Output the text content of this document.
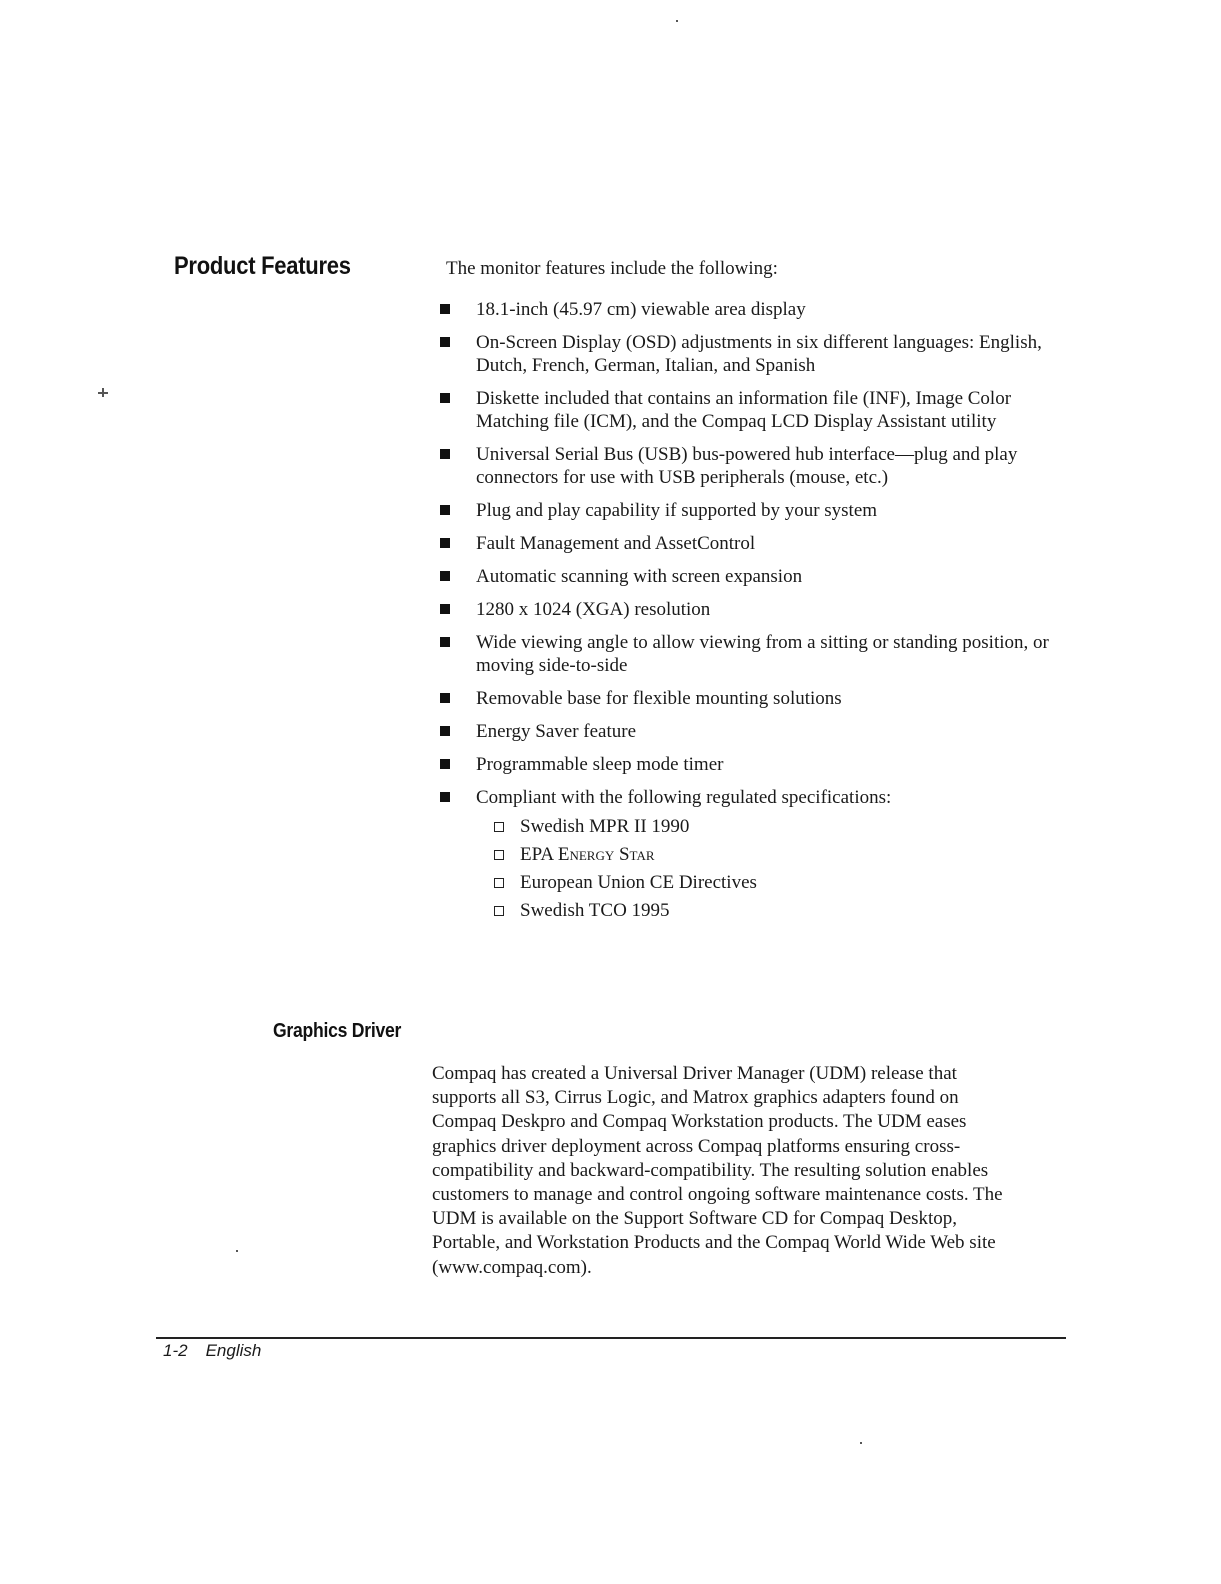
Product Features	The monitor features include the following:
18.1-inch (45.97 cm) viewable area display
On-Screen Display (OSD) adjustments in six different languages: English, Dutch, French, German, Italian, and Spanish
Diskette included that contains an information file (INF), Image Color Matching file (ICM), and the Compaq LCD Display Assistant utility
Universal Serial Bus (USB) bus-powered hub interface—plug and play connectors for use with USB peripherals (mouse, etc.)
Plug and play capability if supported by your system
Fault Management and AssetControl
Automatic scanning with screen expansion
1280 x 1024 (XGA) resolution
Wide viewing angle to allow viewing from a sitting or standing position, or moving side-to-side
Removable base for flexible mounting solutions
Energy Saver feature
Programmable sleep mode timer
Compliant with the following regulated specifications:
Swedish MPR II 1990
EPA Energy Star
European Union CE Directives
Swedish TCO 1995
Graphics Driver

Compaq has created a Universal Driver Manager (UDM) release that supports all S3, Cirrus Logic, and Matrox graphics adapters found on Compaq Deskpro and Compaq Workstation products. The UDM eases graphics driver deployment across Compaq platforms ensuring cross-compatibility and backward-compatibility. The resulting solution enables customers to manage and control ongoing software maintenance costs. The UDM is available on the Support Software CD for Compaq Desktop, Portable, and Workstation Products and the Compaq World Wide Web site (www.compaq.com).

1-2 English
